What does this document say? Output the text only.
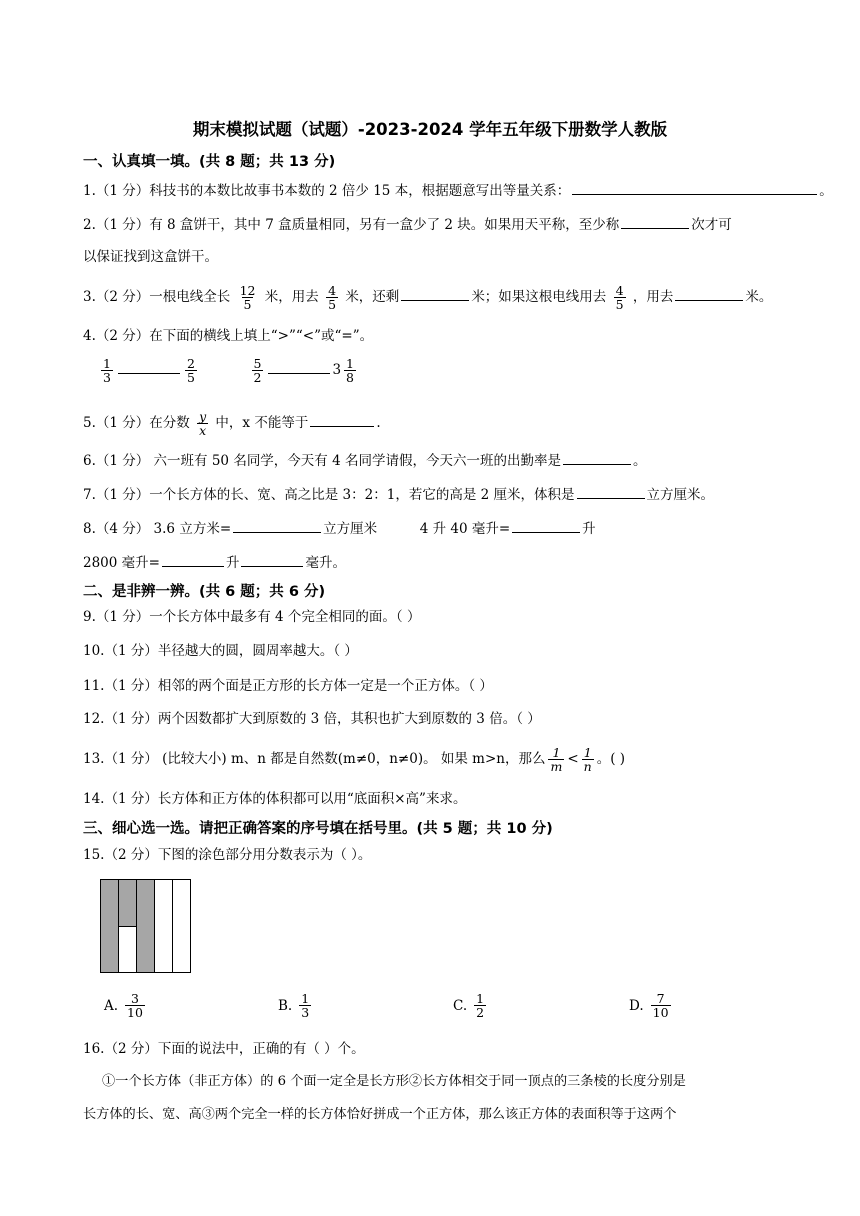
期末模拟试题（试题）-2023-2024 学年五年级下册数学人教版
一、认真填一填。(共 8 题；共 13 分)
1.（1 分）科技书的本数比故事书本数的 2 倍少 15 本，根据题意写出等量关系：	。
2.（1 分）有 8 盒饼干，其中 7 盒质量相同，另有一盒少了 2 块。如果用天平称，至少称	次才可
以保证找到这盒饼干。
3.（2 分）一根电线全长 $\frac{12}{5}$ 米，用去 $\frac{4}{5}$ 米，还剩	米；如果这根电线用去 $\frac{4}{5}$ ，用去	米。
4.（2 分）在下面的横线上填上“>”“<”或“=”。
$\frac{1}{3}$	$\frac{2}{5}$
	$\frac{5}{2}$	$3 \frac{1}{8}$
5.（1 分）在分数 $\frac{y}{x}$ 中，x 不能等于	.
6.（1 分） 六一班有 50 名同学，今天有 4 名同学请假，今天六一班的出勤率是	。
7.（1 分）一个长方体的长、宽、高之比是 3：2：1，若它的高是 2 厘米，体积是	立方厘米。
8.（4 分） 3.6 立方米=	立方厘米	4 升 40 毫升=	升
2800 毫升=	升	毫升。
二、是非辨一辨。(共 6 题；共 6 分)
9.（1 分）一个长方体中最多有 4 个完全相同的面。（ ）
10.（1 分）半径越大的圆，圆周率越大。（ ）
11.（1 分）相邻的两个面是正方形的长方体一定是一个正方体。（ ）
12.（1 分）两个因数都扩大到原数的 3 倍，其积也扩大到原数的 3 倍。（ ）
13.（1 分） (比较大小) m、n 都是自然数(m≠0，n≠0)。 如果 m>n，那么 $\frac{1}{m} < \frac{1}{n}$ 。( )
14.（1 分）长方体和正方体的体积都可以用“底面积×高”来求。
三、细心选一选。请把正确答案的序号填在括号里。(共 5 题；共 10 分)
15.（2 分）下图的涂色部分用分数表示为（ ）。
A. $\frac{3}{10}$	B. $\frac{1}{3}$	C. $\frac{1}{2}$	D. $\frac{7}{10}$
16.（2 分）下面的说法中，正确的有（ ）个。
①一个长方体（非正方体）的 6 个面一定全是长方形②长方体相交于同一顶点的三条棱的长度分别是
长方体的长、宽、高③两个完全一样的长方体恰好拼成一个正方体，那么该正方体的表面积等于这两个
